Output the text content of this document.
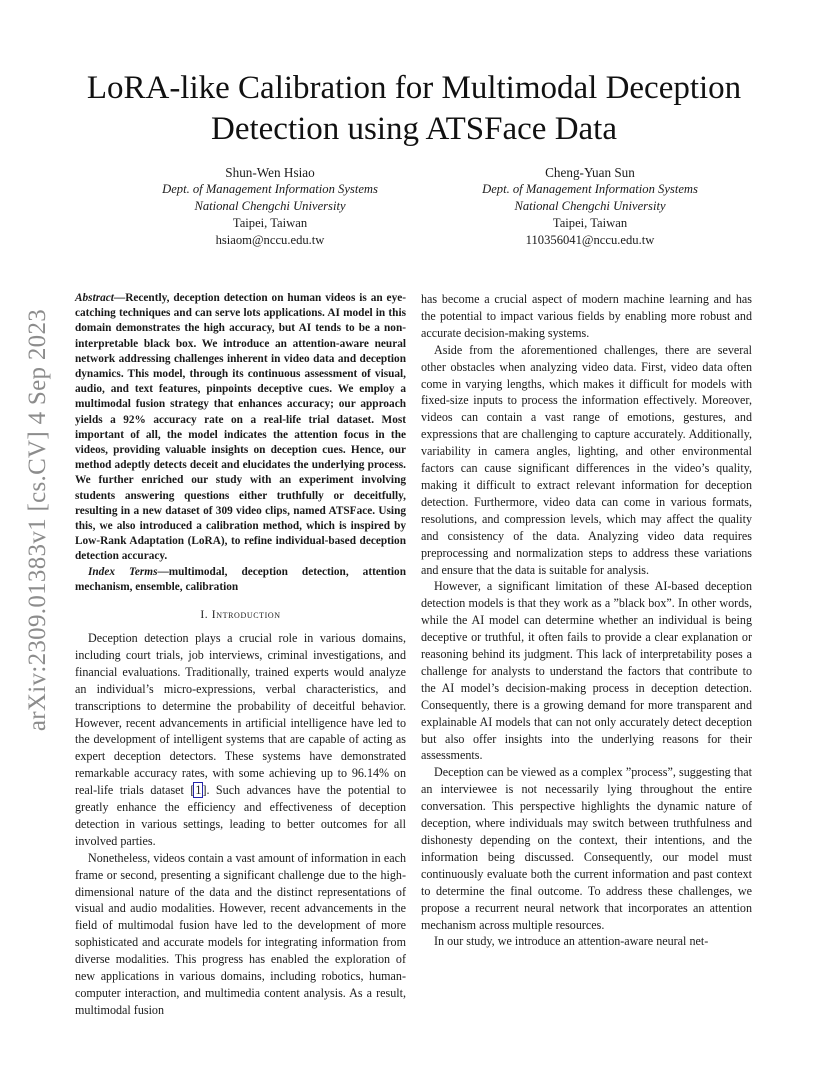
LoRA-like Calibration for Multimodal Deception Detection using ATSFace Data
arXiv:2309.01383v1 [cs.CV] 4 Sep 2023
Shun-Wen Hsiao
Dept. of Management Information Systems
National Chengchi University
Taipei, Taiwan
hsiaom@nccu.edu.tw
Cheng-Yuan Sun
Dept. of Management Information Systems
National Chengchi University
Taipei, Taiwan
110356041@nccu.edu.tw
Abstract—Recently, deception detection on human videos is an eye-catching techniques and can serve lots applications. AI model in this domain demonstrates the high accuracy, but AI tends to be a non-interpretable black box. We introduce an attention-aware neural network addressing challenges inherent in video data and deception dynamics. This model, through its continuous assessment of visual, audio, and text features, pinpoints deceptive cues. We employ a multimodal fusion strategy that enhances accuracy; our approach yields a 92% accuracy rate on a real-life trial dataset. Most important of all, the model indicates the attention focus in the videos, providing valuable insights on deception cues. Hence, our method adeptly detects deceit and elucidates the underlying process. We further enriched our study with an experiment involving students answering questions either truthfully or deceitfully, resulting in a new dataset of 309 video clips, named ATSFace. Using this, we also introduced a calibration method, which is inspired by Low-Rank Adaptation (LoRA), to refine individual-based deception detection accuracy.
Index Terms—multimodal, deception detection, attention mechanism, ensemble, calibration

I. Introduction

Deception detection plays a crucial role in various domains, including court trials, job interviews, criminal investigations, and financial evaluations. Traditionally, trained experts would analyze an individual’s micro-expressions, verbal characteristics, and transcriptions to determine the probability of deceitful behavior. However, recent advancements in artificial intelligence have led to the development of intelligent systems that are capable of acting as expert deception detectors. These systems have demonstrated remarkable accuracy rates, with some achieving up to 96.14% on real-life trials dataset [1]. Such advances have the potential to greatly enhance the efficiency and effectiveness of deception detection in various settings, leading to better outcomes for all involved parties.

Nonetheless, videos contain a vast amount of information in each frame or second, presenting a significant challenge due to the high-dimensional nature of the data and the distinct representations of visual and audio modalities. However, recent advancements in the field of multimodal fusion have led to the development of more sophisticated and accurate models for integrating information from diverse modalities. This progress has enabled the exploration of new applications in various domains, including robotics, human-computer interaction, and multimedia content analysis. As a result, multimodal fusion

has become a crucial aspect of modern machine learning and has the potential to impact various fields by enabling more robust and accurate decision-making systems.

Aside from the aforementioned challenges, there are several other obstacles when analyzing video data. First, video data often come in varying lengths, which makes it difficult for models with fixed-size inputs to process the information effectively. Moreover, videos can contain a vast range of emotions, gestures, and expressions that are challenging to capture accurately. Additionally, variability in camera angles, lighting, and other environmental factors can cause significant differences in the video’s quality, making it difficult to extract relevant information for deception detection. Furthermore, video data can come in various formats, resolutions, and compression levels, which may affect the quality and consistency of the data. Analyzing video data requires preprocessing and normalization steps to address these variations and ensure that the data is suitable for analysis.

However, a significant limitation of these AI-based deception detection models is that they work as a ”black box”. In other words, while the AI model can determine whether an individual is being deceptive or truthful, it often fails to provide a clear explanation or reasoning behind its judgment. This lack of interpretability poses a challenge for analysts to understand the factors that contribute to the AI model’s decision-making process in deception detection. Consequently, there is a growing demand for more transparent and explainable AI models that can not only accurately detect deception but also offer insights into the underlying reasons for their assessments.

Deception can be viewed as a complex ”process”, suggesting that an interviewee is not necessarily lying throughout the entire conversation. This perspective highlights the dynamic nature of deception, where individuals may switch between truthfulness and dishonesty depending on the context, their intentions, and the information being discussed. Consequently, our model must continuously evaluate both the current information and past context to determine the final outcome. To address these challenges, we propose a recurrent neural network that incorporates an attention mechanism across multiple resources.

In our study, we introduce an attention-aware neural net-
